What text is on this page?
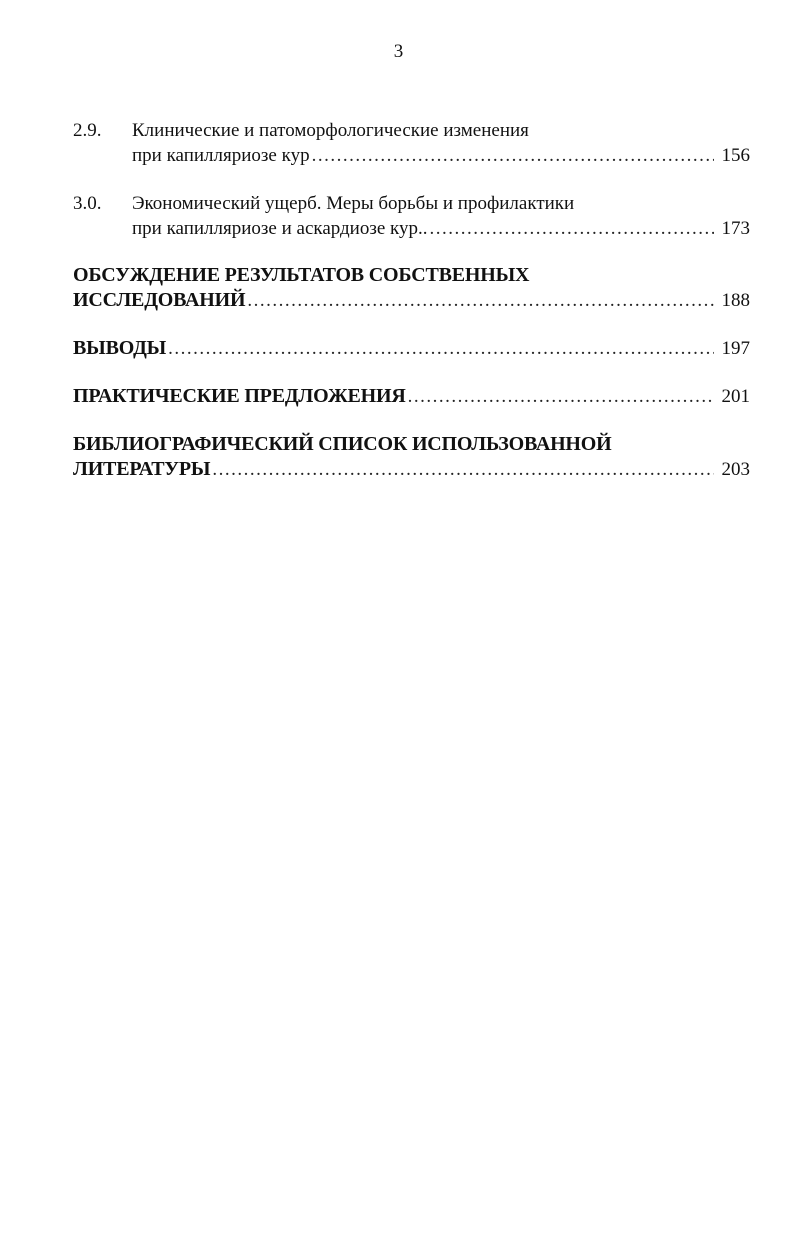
3
2.9.	Клинические и патоморфологические изменения
при капилляриозе кур .....	156
3.0.	Экономический ущерб. Меры борьбы и профилактики
при капилляриозе и аскардиозе кур.. .....	173
ОБСУЖДЕНИЕ РЕЗУЛЬТАТОВ СОБСТВЕННЫХ
ИССЛЕДОВАНИЙ .....	188
ВЫВОДЫ .....	197
ПРАКТИЧЕСКИЕ ПРЕДЛОЖЕНИЯ .....	201
БИБЛИОГРАФИЧЕСКИЙ СПИСОК ИСПОЛЬЗОВАННОЙ
ЛИТЕРАТУРЫ .....	203
